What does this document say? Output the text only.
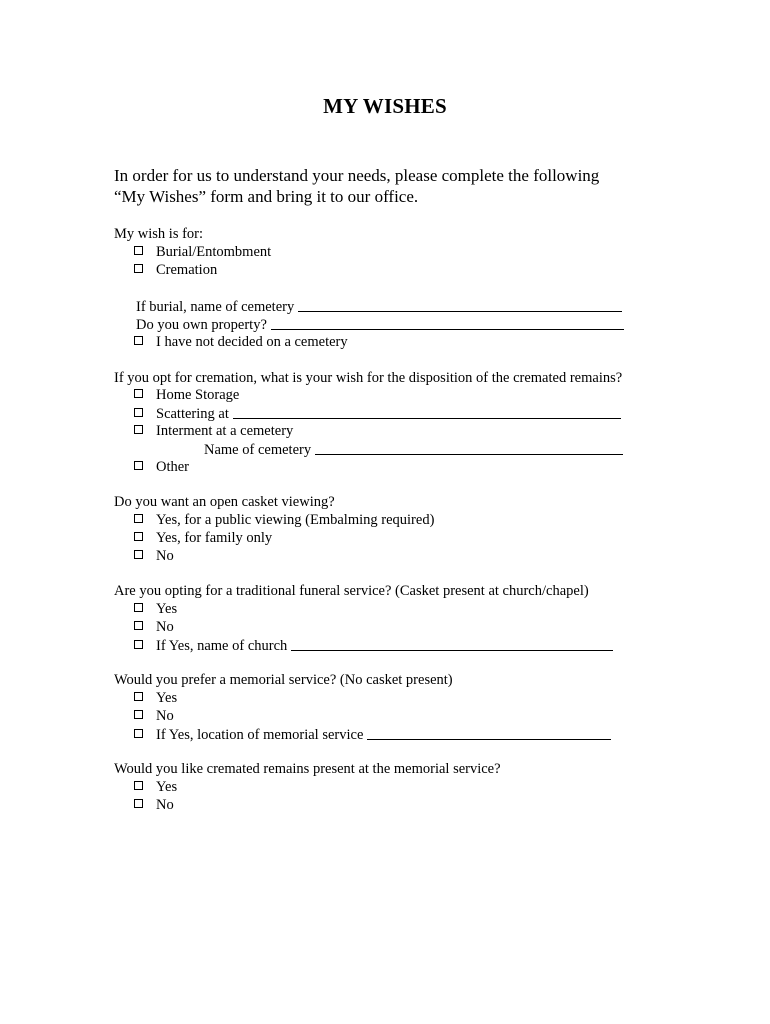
MY WISHES
In order for us to understand your needs, please complete the following
“My Wishes” form and bring it to our office.
My wish is for:
Burial/Entombment
Cremation
If burial, name of cemetery
Do you own property?
I have not decided on a cemetery
If you opt for cremation, what is your wish for the disposition of the cremated remains?
Home Storage
Scattering at
Interment at a cemetery
Name of cemetery
Other
Do you want an open casket viewing?
Yes, for a public viewing (Embalming required)
Yes, for family only
No
Are you opting for a traditional funeral service? (Casket present at church/chapel)
Yes
No
If Yes, name of church
Would you prefer a memorial service? (No casket present)
Yes
No
If Yes, location of memorial service
Would you like cremated remains present at the memorial service?
Yes
No
